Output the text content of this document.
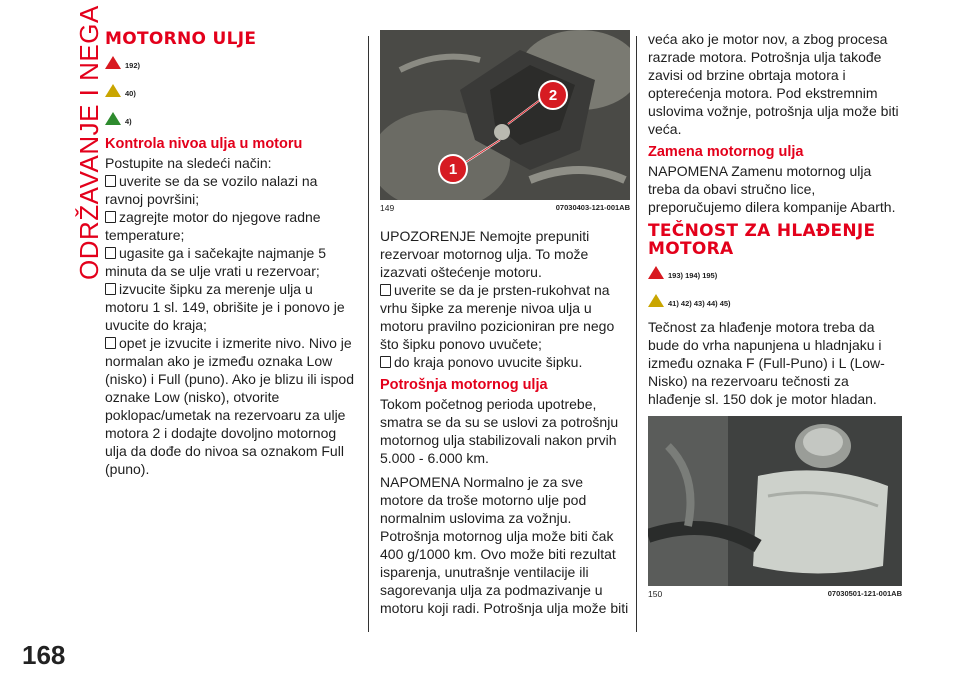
ODRŽAVANJE I NEGA
168
MOTORNO ULJE
192)
40)
4)
Kontrola nivoa ulja u motoru

Postupite na sledeći način:

uverite se da se vozilo nalazi na ravnoj površini;

zagrejte motor do njegove radne temperature;

ugasite ga i sačekajte najmanje 5 minuta da se ulje vrati u rezervoar;

izvucite šipku za merenje ulja u motoru 1 sl. 149, obrišite je i ponovo je uvucite do kraja;

opet je izvucite i izmerite nivo. Nivo je normalan ako je između oznaka Low (nisko) i Full (puno). Ako je blizu ili ispod oznake Low (nisko), otvorite poklopac/umetak na rezervoaru za ulje motora 2 i dodajte dovoljno motornog ulja da dođe do nivoa sa oznakom Full (puno).

1
2
149	07030403-121-001AB

UPOZORENJE Nemojte prepuniti rezervoar motornog ulja. To može izazvati oštećenje motoru.

uverite se da je prsten-rukohvat na vrhu šipke za merenje nivoa ulja u motoru pravilno pozicioniran pre nego što šipku ponovo uvučete;

do kraja ponovo uvucite šipku.

Potrošnja motornog ulja

Tokom početnog perioda upotrebe, smatra se da su se uslovi za potrošnju motornog ulja stabilizovali nakon prvih 5.000 - 6.000 km.

NAPOMENA Normalno je za sve motore da troše motorno ulje pod normalnim uslovima za vožnju. Potrošnja motornog ulja može biti čak 400 g/1000 km. Ovo može biti rezultat isparenja, unutrašnje ventilacije ili sagorevanja ulja za podmazivanje u motoru koji radi. Potrošnja ulja može biti

veća ako je motor nov, a zbog procesa razrade motora. Potrošnja ulja takođe zavisi od brzine obrtaja motora i opterećenja motora. Pod ekstremnim uslovima vožnje, potrošnja ulja može biti veća.

Zamena motornog ulja

NAPOMENA Zamenu motornog ulja treba da obavi stručno lice, preporučujemo dilera kompanije Abarth.

TEČNOST ZA HLAĐENJE MOTORA
193) 194) 195)
41) 42) 43) 44) 45)

Tečnost za hlađenje motora treba da bude do vrha napunjena u hladnjaku i između oznaka F (Full-Puno) i L (Low-Nisko) na rezervoaru tečnosti za hlađenje sl. 150 dok je motor hladan.

150	07030501-121-001AB
